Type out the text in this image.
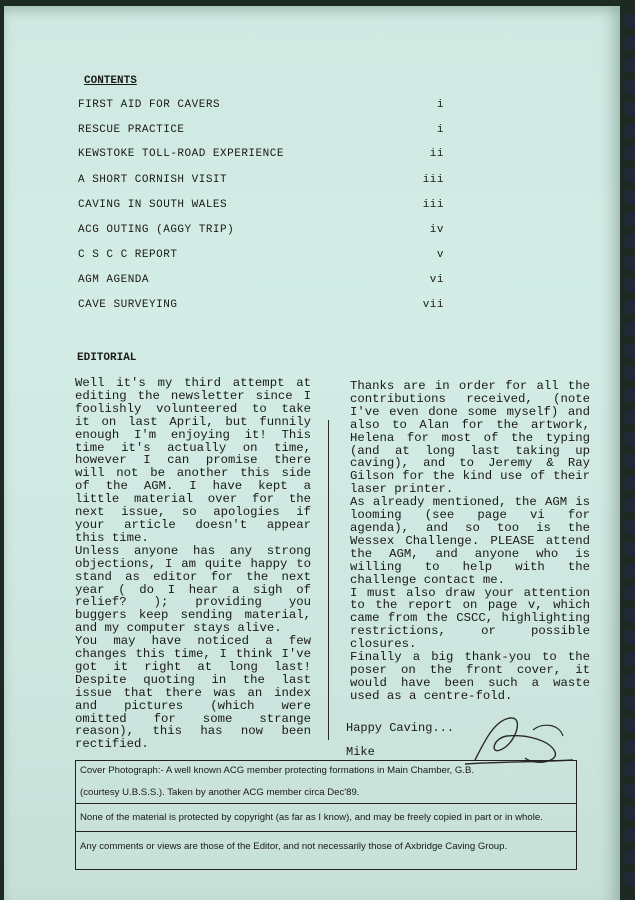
CONTENTS
FIRST AID FOR CAVERS	i
RESCUE PRACTICE	i
KEWSTOKE TOLL-ROAD EXPERIENCE	ii
A SHORT CORNISH VISIT	iii
CAVING IN SOUTH WALES	iii
ACG OUTING (AGGY TRIP)	iv
C S C C REPORT	v
AGM AGENDA	vi
CAVE SURVEYING	vii
EDITORIAL

Well it's my third attempt at editing the newsletter since I foolishly volunteered to take it on last April, but funnily enough I'm enjoying it! This time it's actually on time, however I can promise there will not be another this side of the AGM. I have kept a little material over for the next issue, so apologies if your article doesn't appear this time.

Unless anyone has any strong objections, I am quite happy to stand as editor for the next year ( do I hear a sigh of relief? ); providing you buggers keep sending material, and my computer stays alive.

You may have noticed a few changes this time, I think I've got it right at long last! Despite quoting in the last issue that there was an index and pictures (which were omitted for some strange reason), this has now been rectified.

Thanks are in order for all the contributions received, (note I've even done some myself) and also to Alan for the artwork, Helena for most of the typing (and at long last taking up caving), and to Jeremy & Ray Gilson for the kind use of their laser printer.

As already mentioned, the AGM is looming (see page vi for agenda), and so too is the Wessex Challenge. PLEASE attend the AGM, and anyone who is willing to help with the challenge contact me.

I must also draw your attention to the report on page v, which came from the CSCC, highlighting restrictions, or possible closures.

Finally a big thank-you to the poser on the front cover, it would have been such a waste used as a centre-fold.

Happy Caving...
Mike
Cover Photograph:- A well known ACG member protecting formations in Main Chamber, G.B.
(courtesy U.B.S.S.). Taken by another ACG member circa Dec'89.
None of the material is protected by copyright (as far as I know), and may be freely copied in part or in whole.
Any comments or views are those of the Editor, and not necessarily those of Axbridge Caving Group.
